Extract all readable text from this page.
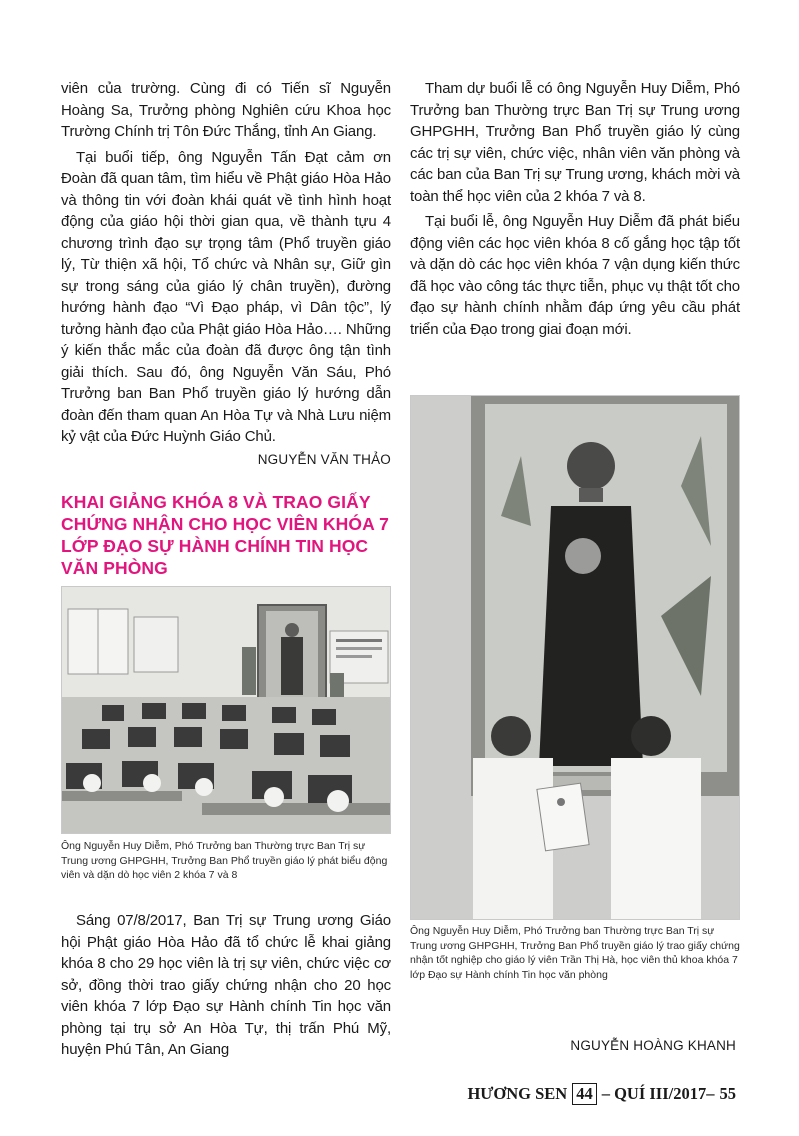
viên của trường. Cùng đi có Tiến sĩ Nguyễn Hoàng Sa, Trưởng phòng Nghiên cứu Khoa học Trường Chính trị Tôn Đức Thắng, tỉnh An Giang.

Tại buổi tiếp, ông Nguyễn Tấn Đạt cảm ơn Đoàn đã quan tâm, tìm hiểu về Phật giáo Hòa Hảo và thông tin với đoàn khái quát về tình hình hoạt động của giáo hội thời gian qua, về thành tựu 4 chương trình đạo sự trọng tâm (Phổ truyền giáo lý, Từ thiện xã hội, Tổ chức và Nhân sự, Giữ gìn sự trong sáng của giáo lý chân truyền), đường hướng hành đạo “Vì Đạo pháp, vì Dân tộc”, lý tưởng hành đạo của Phật giáo Hòa Hảo…. Những ý kiến thắc mắc của đoàn đã được ông tận tình giải thích. Sau đó, ông Nguyễn Văn Sáu, Phó Trưởng ban Ban Phổ truyền giáo lý hướng dẫn đoàn đến tham quan An Hòa Tự và Nhà Lưu niệm kỷ vật của Đức Huỳnh Giáo Chủ.

NGUYỄN VĂN THẢO
KHAI GIẢNG KHÓA 8 VÀ TRAO GIẤY CHỨNG NHẬN CHO HỌC VIÊN KHÓA 7 LỚP ĐẠO SỰ HÀNH CHÍNH TIN HỌC VĂN PHÒNG
Ông Nguyễn Huy Diễm, Phó Trưởng ban Thường trực Ban Trị sự Trung ương GHPGHH, Trưởng Ban Phổ truyền giáo lý phát biểu động viên và dặn dò học viên 2 khóa 7 và 8

Sáng 07/8/2017, Ban Trị sự Trung ương Giáo hội Phật giáo Hòa Hảo đã tổ chức lễ khai giảng khóa 8 cho 29 học viên là trị sự viên, chức việc cơ sở, đồng thời trao giấy chứng nhận cho 20 học viên khóa 7 lớp Đạo sự Hành chính Tin học văn phòng tại trụ sở An Hòa Tự, thị trấn Phú Mỹ, huyện Phú Tân, An Giang

Tham dự buổi lễ có ông Nguyễn Huy Diễm, Phó Trưởng ban Thường trực Ban Trị sự Trung ương GHPGHH, Trưởng Ban Phổ truyền giáo lý cùng các trị sự viên, chức việc, nhân viên văn phòng và các ban của Ban Trị sự Trung ương, khách mời và toàn thể học viên của 2 khóa 7 và 8.

Tại buổi lễ, ông Nguyễn Huy Diễm đã phát biểu động viên các học viên khóa 8 cố gắng học tập tốt và dặn dò các học viên khóa 7 vận dụng kiến thức đã học vào công tác thực tiễn, phục vụ thật tốt cho đạo sự hành chính nhằm đáp ứng yêu cầu phát triển của Đạo trong giai đoạn mới.

Ông Nguyễn Huy Diễm, Phó Trưởng ban Thường trực Ban Trị sự Trung ương GHPGHH, Trưởng Ban Phổ truyền giáo lý trao giấy chứng nhận tốt nghiệp cho giáo lý viên Trần Thị Hà, học viên thủ khoa khóa 7 lớp Đạo sự Hành chính Tin học văn phòng
NGUYỄN HOÀNG KHANH
HƯƠNG SEN 44 – QUÍ III/2017– 55
